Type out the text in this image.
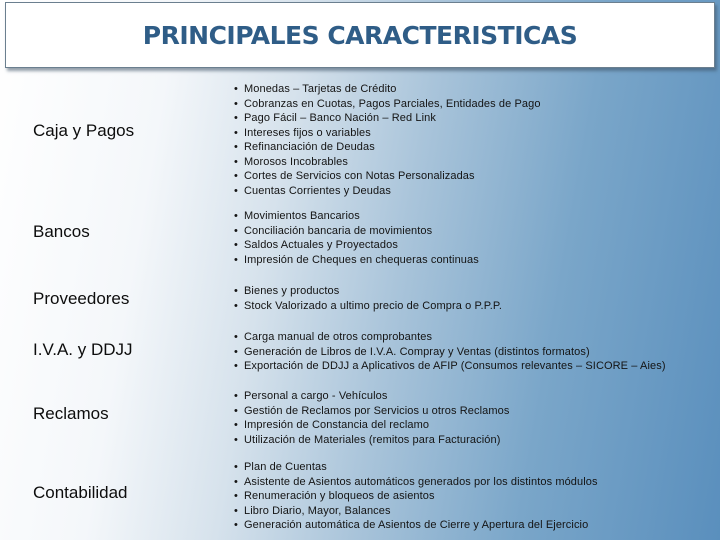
PRINCIPALES CARACTERISTICAS
Caja y Pagos
• Monedas – Tarjetas de Crédito
• Cobranzas en Cuotas, Pagos Parciales, Entidades de Pago
• Pago Fácil – Banco Nación – Red Link
• Intereses fijos o variables
• Refinanciación de Deudas
• Morosos Incobrables
• Cortes de Servicios con Notas Personalizadas
• Cuentas Corrientes y Deudas
Bancos
• Movimientos Bancarios
• Conciliación bancaria de movimientos
• Saldos Actuales y Proyectados
• Impresión de Cheques en chequeras continuas
Proveedores
•	Bienes y productos
• Stock Valorizado a ultimo precio de Compra o P.P.P.
I.V.A. y DDJJ
• Carga manual de otros comprobantes
• Generación de Libros de I.V.A. Compray y Ventas (distintos formatos)
• Exportación de DDJJ a Aplicativos de AFIP (Consumos relevantes – SICORE – Aies)
Reclamos
• Personal a cargo - Vehículos
• Gestión de Reclamos por Servicios u otros Reclamos
• Impresión de Constancia del reclamo
• Utilización de Materiales (remitos para Facturación)
Contabilidad
• Plan de Cuentas
• Asistente de Asientos automáticos generados por los distintos módulos
• Renumeración y bloqueos de asientos
• Libro Diario, Mayor, Balances
• Generación automática de Asientos de Cierre y Apertura del Ejercicio
